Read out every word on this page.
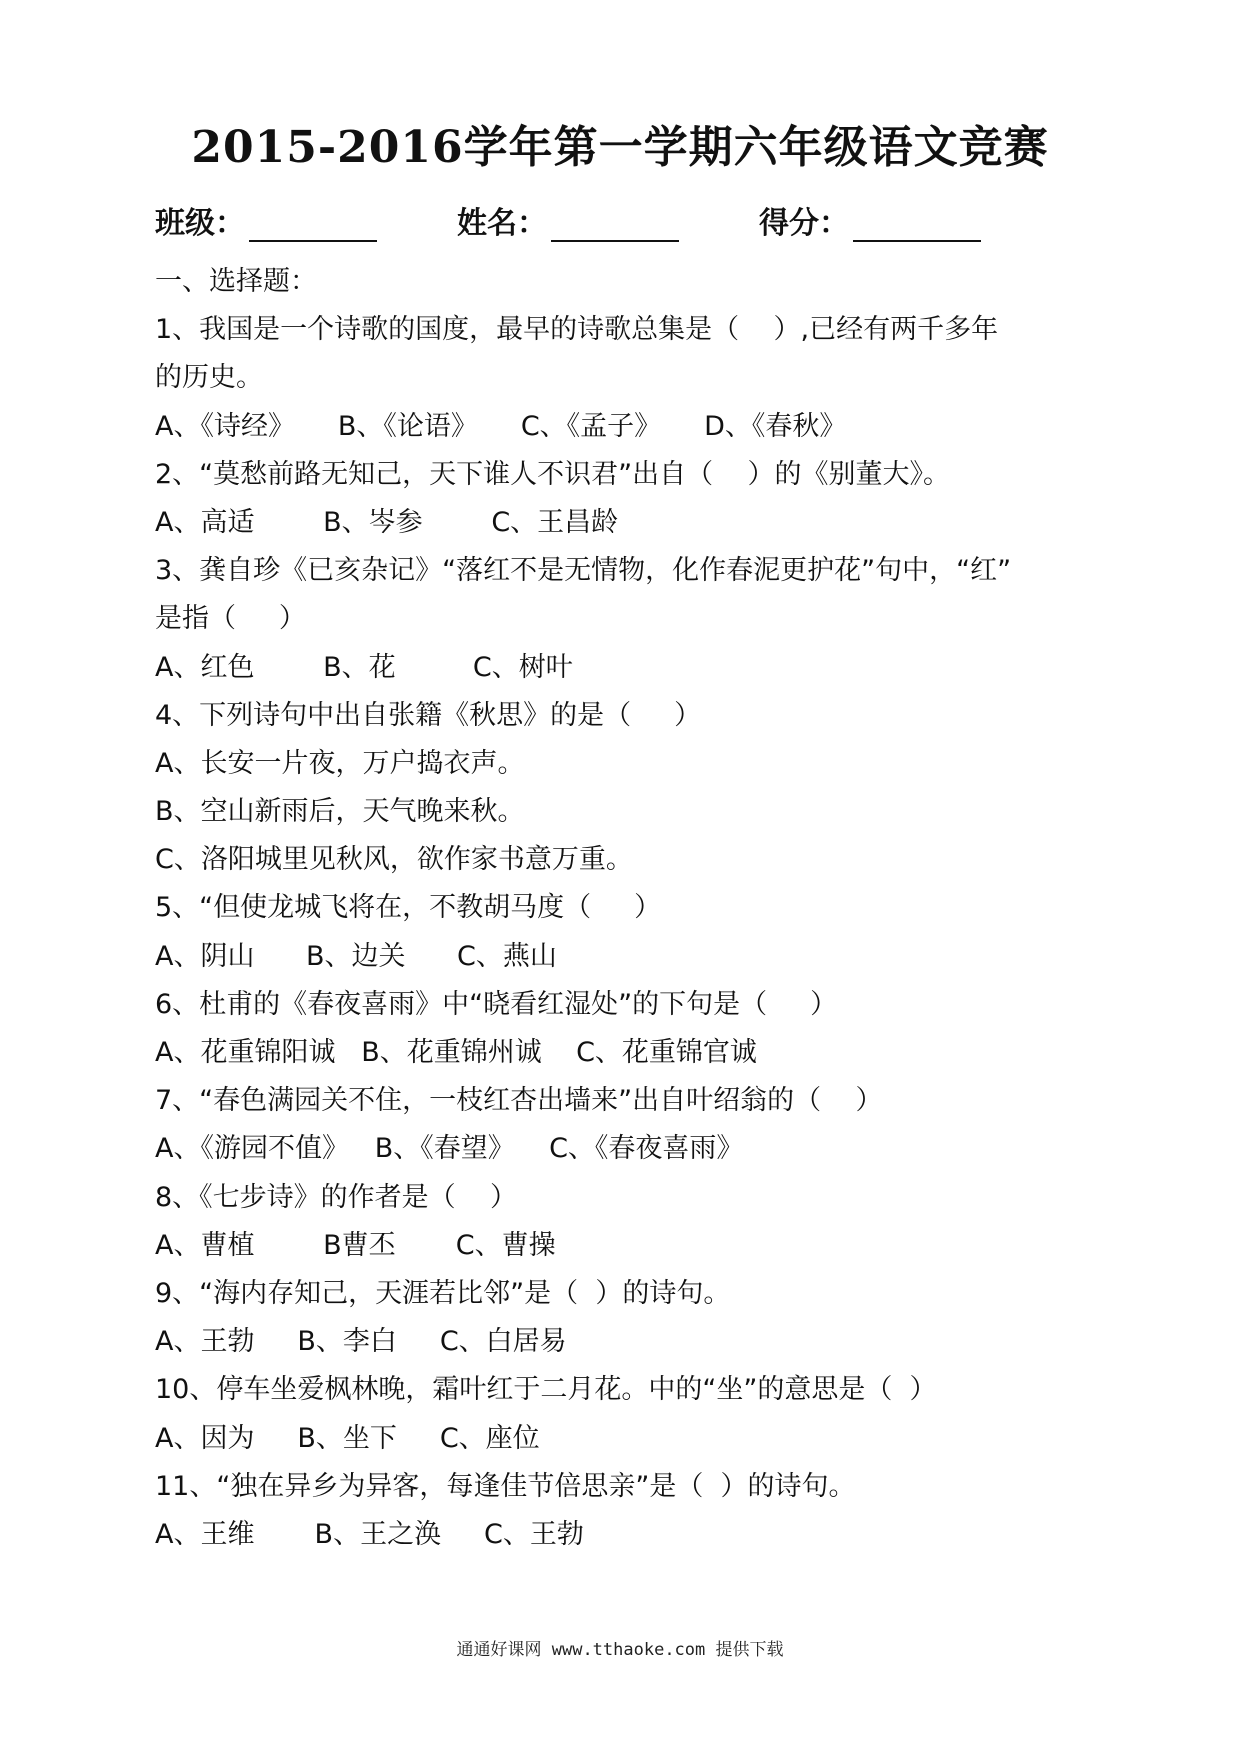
2015-2016学年第一学期六年级语文竞赛
班级：	姓名：	得分：
一、选择题：
1、我国是一个诗歌的国度，最早的诗歌总集是（    ）,已经有两千多年
的历史。
A、《诗经》     B、《论语》     C、《孟子》     D、《春秋》
2、“莫愁前路无知己，天下谁人不识君”出自（    ）的《别董大》。
A、高适        B、岑参        C、王昌龄
3、龚自珍《已亥杂记》“落红不是无情物，化作春泥更护花”句中，“红”
是指（     ）
A、红色        B、花         C、树叶
4、下列诗句中出自张籍《秋思》的是（     ）
A、长安一片夜，万户捣衣声。
B、空山新雨后，天气晚来秋。
C、洛阳城里见秋风，欲作家书意万重。
5、“但使龙城飞将在，不教胡马度（     ）
A、阴山      B、边关      C、燕山
6、杜甫的《春夜喜雨》中“晓看红湿处”的下句是（     ）
A、花重锦阳诚   B、花重锦州诚    C、花重锦官诚
7、“春色满园关不住，一枝红杏出墙来”出自叶绍翁的（    ）
A、《游园不值》   B、《春望》    C、《春夜喜雨》
8、《七步诗》的作者是（    ）
A、曹植        B曹丕       C、曹操
9、“海内存知己，天涯若比邻”是（  ）的诗句。
A、王勃     B、李白     C、白居易
10、停车坐爱枫林晚，霜叶红于二月花。中的“坐”的意思是（  ）
A、因为     B、坐下     C、座位
11、“独在异乡为异客，每逢佳节倍思亲”是（  ）的诗句。
A、王维       B、王之涣     C、王勃
通通好课网 www.tthaoke.com 提供下载
